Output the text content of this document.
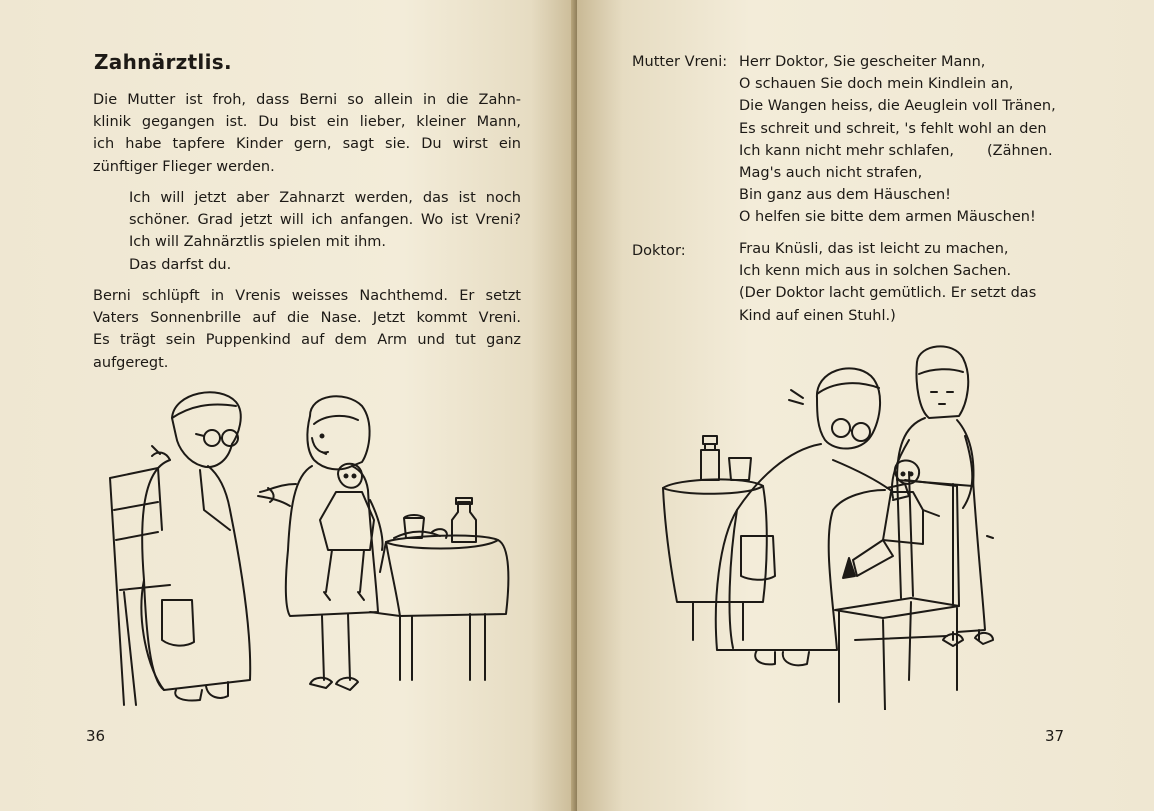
Zahnärztlis.
Die Mutter ist froh, dass Berni so allein in die Zahn-
klinik gegangen ist. Du bist ein lieber, kleiner Mann,
ich habe tapfere Kinder gern, sagt sie. Du wirst ein
zünftiger Flieger werden.
Ich will jetzt aber Zahnarzt werden, das ist noch
schöner. Grad jetzt will ich anfangen. Wo ist Vreni?
Ich will Zahnärztlis spielen mit ihm.
Das darfst du.
Berni schlüpft in Vrenis weisses Nachthemd. Er setzt
Vaters Sonnenbrille auf die Nase. Jetzt kommt Vreni.
Es trägt sein Puppenkind auf dem Arm und tut ganz
aufgeregt.
36
Mutter Vreni: Herr Doktor, Sie gescheiter Mann,
O schauen Sie doch mein Kindlein an,
Die Wangen heiss, die Aeuglein voll Tränen,
Es schreit und schreit, 's fehlt wohl an den
Ich kann nicht mehr schlafen,
Mag's auch nicht strafen,
Bin ganz aus dem Häuschen!
O helfen sie bitte dem armen Mäuschen!
(Zähnen.
Doktor:	Frau Knüsli, das ist leicht zu machen,
Ich kenn mich aus in solchen Sachen.
(Der Doktor lacht gemütlich. Er setzt das
Kind auf einen Stuhl.)
37
